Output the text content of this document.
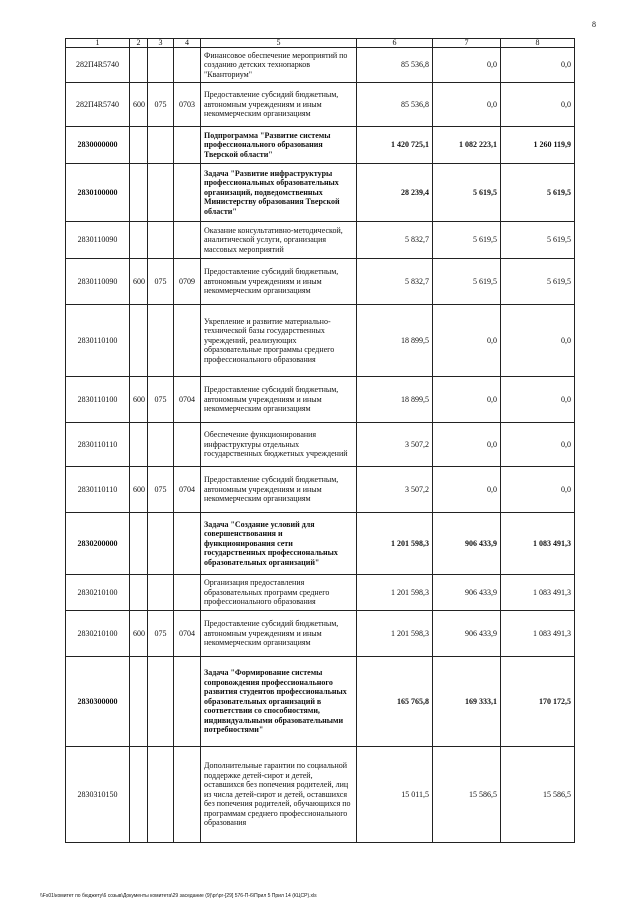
8
1	2	3	4	5	6	7	8
282П4R5740				Финансовое обеспечение мероприятий по созданию детских технопарков "Кванториум"	85 536,8	0,0	0,0
282П4R5740	600	075	0703	Предоставление субсидий бюджетным, автономным учреждениям и иным некоммерческим организациям	85 536,8	0,0	0,0
2830000000				Подпрограмма "Развитие системы профессионального образования Тверской области"	1 420 725,1	1 082 223,1	1 260 119,9
2830100000				Задача "Развитие инфраструктуры профессиональных образовательных организаций, подведомственных Министерству образования Тверской области"	28 239,4	5 619,5	5 619,5
2830110090				Оказание консультативно-методической, аналитической услуги, организация массовых мероприятий	5 832,7	5 619,5	5 619,5
2830110090	600	075	0709	Предоставление субсидий бюджетным, автономным учреждениям и иным некоммерческим организациям	5 832,7	5 619,5	5 619,5
2830110100				Укрепление и развитие материально-технической базы государственных учреждений, реализующих образовательные программы среднего профессионального образования	18 899,5	0,0	0,0
2830110100	600	075	0704	Предоставление субсидий бюджетным, автономным учреждениям и иным некоммерческим организациям	18 899,5	0,0	0,0
2830110110				Обеспечение функционирования инфраструктуры отдельных государственных бюджетных учреждений	3 507,2	0,0	0,0
2830110110	600	075	0704	Предоставление субсидий бюджетным, автономным учреждениям и иным некоммерческим организациям	3 507,2	0,0	0,0
2830200000				Задача "Создание условий для совершенствования и функционирования сети государственных профессиональных образовательных организаций"	1 201 598,3	906 433,9	1 083 491,3
2830210100				Организация предоставления образовательных программ среднего профессионального образования	1 201 598,3	906 433,9	1 083 491,3
2830210100	600	075	0704	Предоставление субсидий бюджетным, автономным учреждениям и иным некоммерческим организациям	1 201 598,3	906 433,9	1 083 491,3
2830300000				Задача "Формирование системы сопровождения профессионального развития студентов профессиональных образовательных организаций в соответствии со способностями, индивидуальными образовательными потребностями"	165 765,8	169 333,1	170 172,5
2830310150				Дополнительные гарантии по социальной поддержке детей-сирот и детей, оставшихся без попечения родителей, лиц из числа детей-сирот и детей, оставшихся без попечения родителей, обучающихся по программам среднего профессионального образования	15 011,5	15 586,5	15 586,5
\\Fs01\комитет по бюджету\6 созыв\Документы комитета\29 заседание (9)\рг\рг-[29] 576-П-6\Прил 5 Прил 14 (КЦСР).xls
